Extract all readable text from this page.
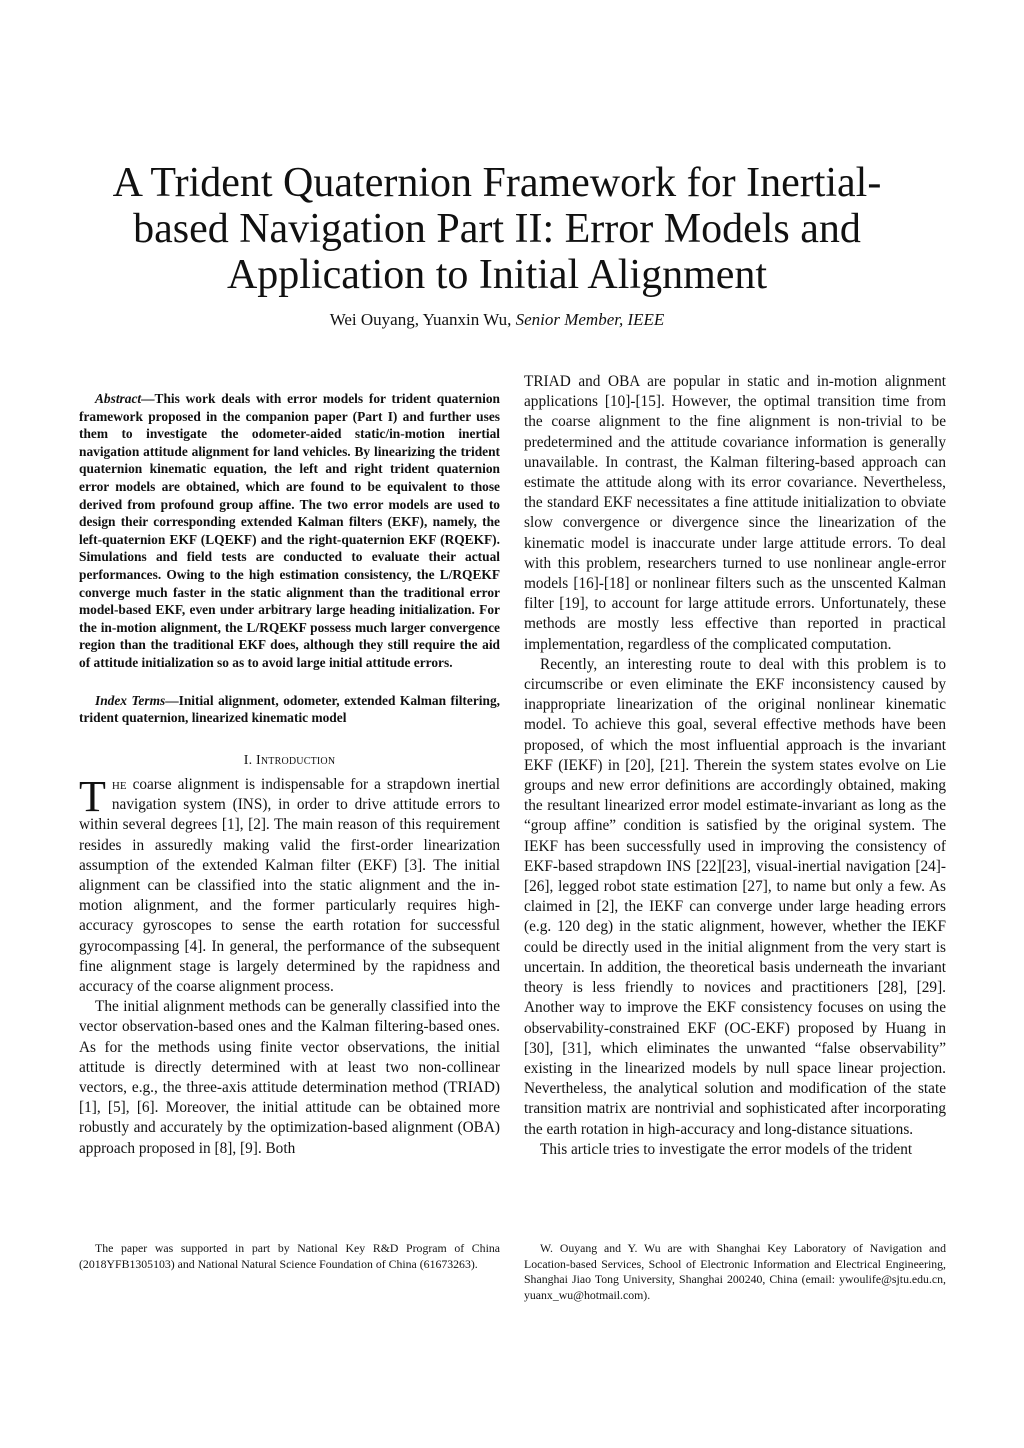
A Trident Quaternion Framework for Inertial-
based Navigation Part II: Error Models and
Application to Initial Alignment
Wei Ouyang, Yuanxin Wu, Senior Member, IEEE

Abstract—This work deals with error models for trident quaternion framework proposed in the companion paper (Part I) and further uses them to investigate the odometer-aided static/in-motion inertial navigation attitude alignment for land vehicles. By linearizing the trident quaternion kinematic equation, the left and right trident quaternion error models are obtained, which are found to be equivalent to those derived from profound group affine. The two error models are used to design their corresponding extended Kalman filters (EKF), namely, the left-quaternion EKF (LQEKF) and the right-quaternion EKF (RQEKF). Simulations and field tests are conducted to evaluate their actual performances. Owing to the high estimation consistency, the L/RQEKF converge much faster in the static alignment than the traditional error model-based EKF, even under arbitrary large heading initialization. For the in-motion alignment, the L/RQEKF possess much larger convergence region than the traditional EKF does, although they still require the aid of attitude initialization so as to avoid large initial attitude errors.

Index Terms—Initial alignment, odometer, extended Kalman filtering, trident quaternion, linearized kinematic model

I. Introduction

The coarse alignment is indispensable for a strapdown inertial navigation system (INS), in order to drive attitude errors to within several degrees [1], [2]. The main reason of this requirement resides in assuredly making valid the first-order linearization assumption of the extended Kalman filter (EKF) [3]. The initial alignment can be classified into the static alignment and the in-motion alignment, and the former particularly requires high-accuracy gyroscopes to sense the earth rotation for successful gyrocompassing [4]. In general, the performance of the subsequent fine alignment stage is largely determined by the rapidness and accuracy of the coarse alignment process.

The initial alignment methods can be generally classified into the vector observation-based ones and the Kalman filtering-based ones. As for the methods using finite vector observations, the initial attitude is directly determined with at least two non-collinear vectors, e.g., the three-axis attitude determination method (TRIAD) [1], [5], [6]. Moreover, the initial attitude can be obtained more robustly and accurately by the optimization-based alignment (OBA) approach proposed in [8], [9]. Both

TRIAD and OBA are popular in static and in-motion alignment applications [10]-[15]. However, the optimal transition time from the coarse alignment to the fine alignment is non-trivial to be predetermined and the attitude covariance information is generally unavailable. In contrast, the Kalman filtering-based approach can estimate the attitude along with its error covariance. Nevertheless, the standard EKF necessitates a fine attitude initialization to obviate slow convergence or divergence since the linearization of the kinematic model is inaccurate under large attitude errors. To deal with this problem, researchers turned to use nonlinear angle-error models [16]-[18] or nonlinear filters such as the unscented Kalman filter [19], to account for large attitude errors. Unfortunately, these methods are mostly less effective than reported in practical implementation, regardless of the complicated computation.

Recently, an interesting route to deal with this problem is to circumscribe or even eliminate the EKF inconsistency caused by inappropriate linearization of the original nonlinear kinematic model. To achieve this goal, several effective methods have been proposed, of which the most influential approach is the invariant EKF (IEKF) in [20], [21]. Therein the system states evolve on Lie groups and new error definitions are accordingly obtained, making the resultant linearized error model estimate-invariant as long as the “group affine” condition is satisfied by the original system. The IEKF has been successfully used in improving the consistency of EKF-based strapdown INS [22][23], visual-inertial navigation [24]-[26], legged robot state estimation [27], to name but only a few. As claimed in [2], the IEKF can converge under large heading errors (e.g. 120 deg) in the static alignment, however, whether the IEKF could be directly used in the initial alignment from the very start is uncertain. In addition, the theoretical basis underneath the invariant theory is less friendly to novices and practitioners [28], [29]. Another way to improve the EKF consistency focuses on using the observability-constrained EKF (OC-EKF) proposed by Huang in [30], [31], which eliminates the unwanted “false observability” existing in the linearized models by null space linear projection. Nevertheless, the analytical solution and modification of the state transition matrix are nontrivial and sophisticated after incorporating the earth rotation in high-accuracy and long-distance situations.

This article tries to investigate the error models of the trident

The paper was supported in part by National Key R&D Program of China (2018YFB1305103) and National Natural Science Foundation of China (61673263).

W. Ouyang and Y. Wu are with Shanghai Key Laboratory of Navigation and Location-based Services, School of Electronic Information and Electrical Engineering, Shanghai Jiao Tong University, Shanghai 200240, China (email: ywoulife@sjtu.edu.cn, yuanx_wu@hotmail.com).
